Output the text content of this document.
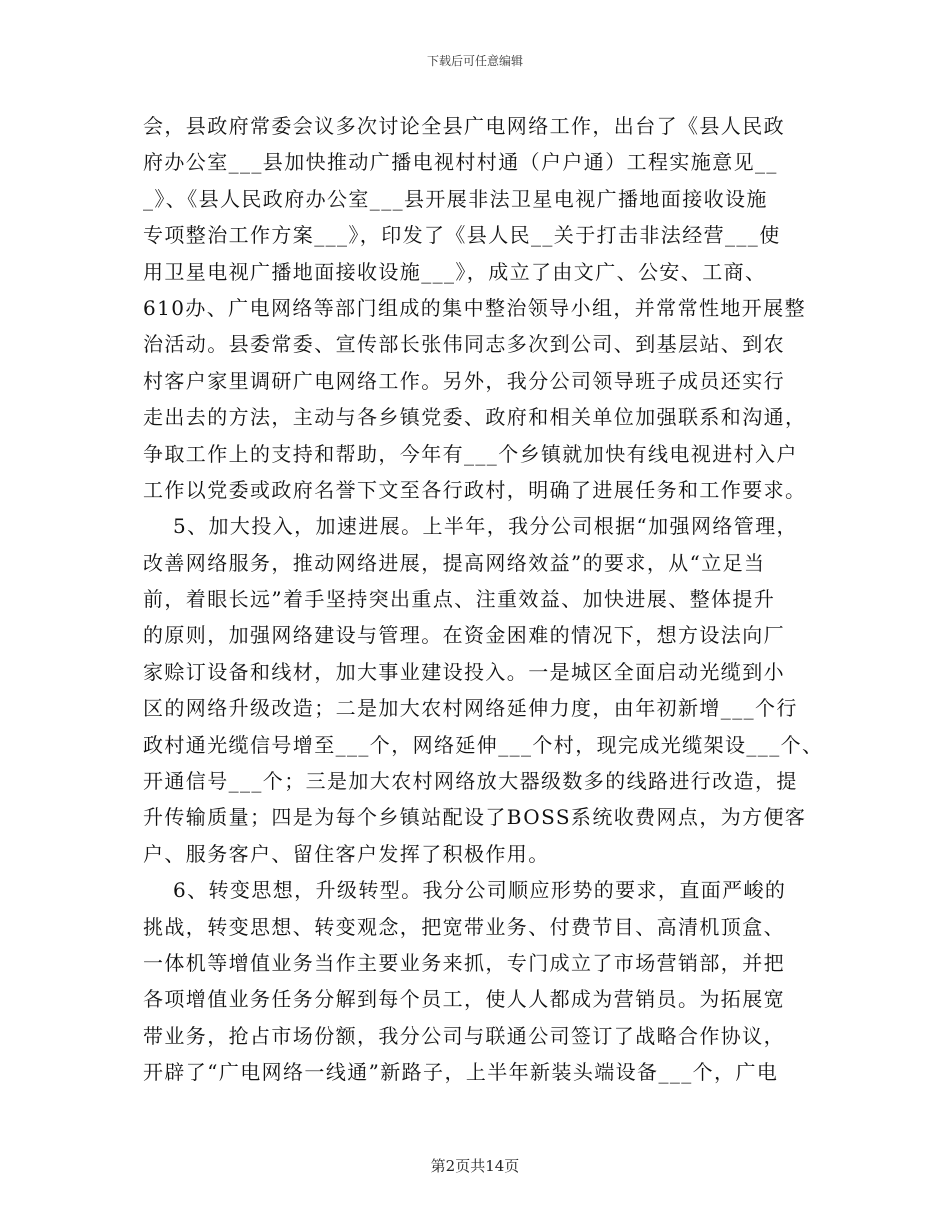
下载后可任意编辑
会，县政府常委会议多次讨论全县广电网络工作，出台了《县人民政
府办公室___县加快推动广播电视村村通（户户通）工程实施意见__
_》、《县人民政府办公室___县开展非法卫星电视广播地面接收设施
专项整治工作方案___》，印发了《县人民__关于打击非法经营___使
用卫星电视广播地面接收设施___》，成立了由文广、公安、工商、
610办、广电网络等部门组成的集中整治领导小组，并常常性地开展整
治活动。县委常委、宣传部长张伟同志多次到公司、到基层站、到农
村客户家里调研广电网络工作。另外，我分公司领导班子成员还实行
走出去的方法，主动与各乡镇党委、政府和相关单位加强联系和沟通，
争取工作上的支持和帮助，今年有___个乡镇就加快有线电视进村入户
工作以党委或政府名誉下文至各行政村，明确了进展任务和工作要求。
5、加大投入，加速进展。上半年，我分公司根据“加强网络管理，
改善网络服务，推动网络进展，提高网络效益”的要求，从“立足当
前，着眼长远”着手坚持突出重点、注重效益、加快进展、整体提升
的原则，加强网络建设与管理。在资金困难的情况下，想方设法向厂
家赊订设备和线材，加大事业建设投入。一是城区全面启动光缆到小
区的网络升级改造；二是加大农村网络延伸力度，由年初新增___个行
政村通光缆信号增至___个，网络延伸___个村，现完成光缆架设___个、
开通信号___个；三是加大农村网络放大器级数多的线路进行改造，提
升传输质量；四是为每个乡镇站配设了BOSS系统收费网点，为方便客
户、服务客户、留住客户发挥了积极作用。
6、转变思想，升级转型。我分公司顺应形势的要求，直面严峻的
挑战，转变思想、转变观念，把宽带业务、付费节目、高清机顶盒、
一体机等增值业务当作主要业务来抓，专门成立了市场营销部，并把
各项增值业务任务分解到每个员工，使人人都成为营销员。为拓展宽
带业务，抢占市场份额，我分公司与联通公司签订了战略合作协议，
开辟了“广电网络一线通”新路子，上半年新装头端设备___个，广电
第2页共14页
